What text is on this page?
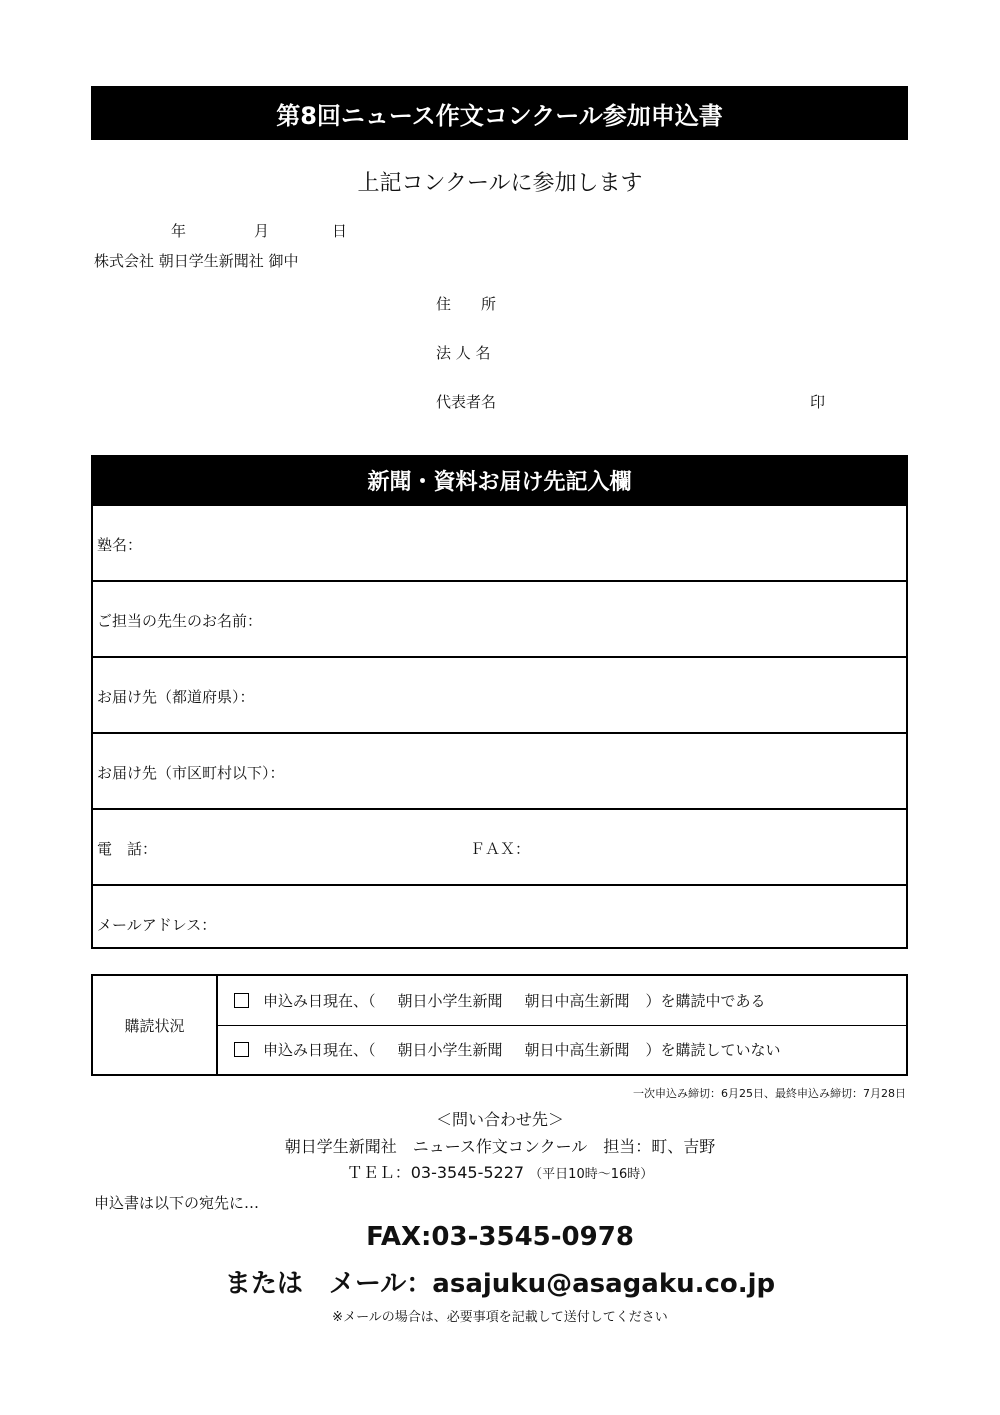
第8回ニュース作文コンクール参加申込書
上記コンクールに参加します
年	月	日
株式会社 朝日学生新聞社 御中
住　　所
法 人 名
代表者名	印
新聞・資料お届け先記入欄
塾名：
ご担当の先生のお名前：
お届け先（都道府県）：
お届け先（市区町村以下）：
電　話：	ＦＡＸ：
メールアドレス：
購読状況
申込み日現在、（ 朝日小学生新聞 朝日中高生新聞 ）を購読中である
申込み日現在、（ 朝日小学生新聞 朝日中高生新聞 ）を購読していない
一次申込み締切：6月25日、最終申込み締切：7月28日
＜問い合わせ先＞
朝日学生新聞社　ニュース作文コンクール　担当：町、吉野
ＴＥＬ：03-3545-5227 （平日10時～16時）
申込書は以下の宛先に…
FAX:03-3545-0978
または　メール：asajuku@asagaku.co.jp
※メールの場合は、必要事項を記載して送付してください
